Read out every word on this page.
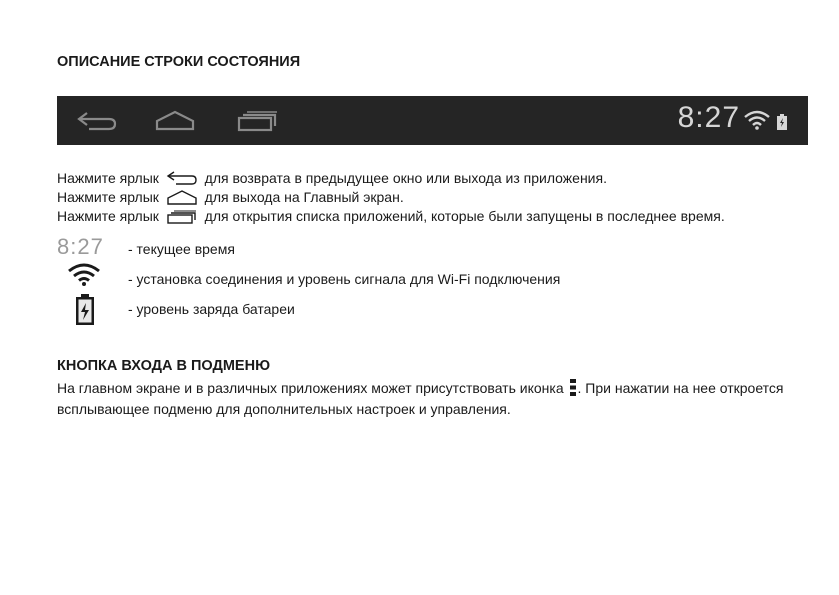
ОПИСАНИЕ СТРОКИ СОСТОЯНИЯ
8:27
Нажмите ярлык	для возврата в предыдущее окно или выхода из приложения.
Нажмите ярлык	для выхода на Главный экран.
Нажмите ярлык	для открытия списка приложений, которые были запущены в последнее время.
8:27 - текущее время
- установка соединения и уровень сигнала для Wi-Fi подключения
- уровень заряда батареи
КНОПКА ВХОДА В ПОДМЕНЮ

На главном экране и в различных приложениях может присутствовать иконка . При нажатии на нее откроется всплывающее подменю для дополнительных настроек и управления.
